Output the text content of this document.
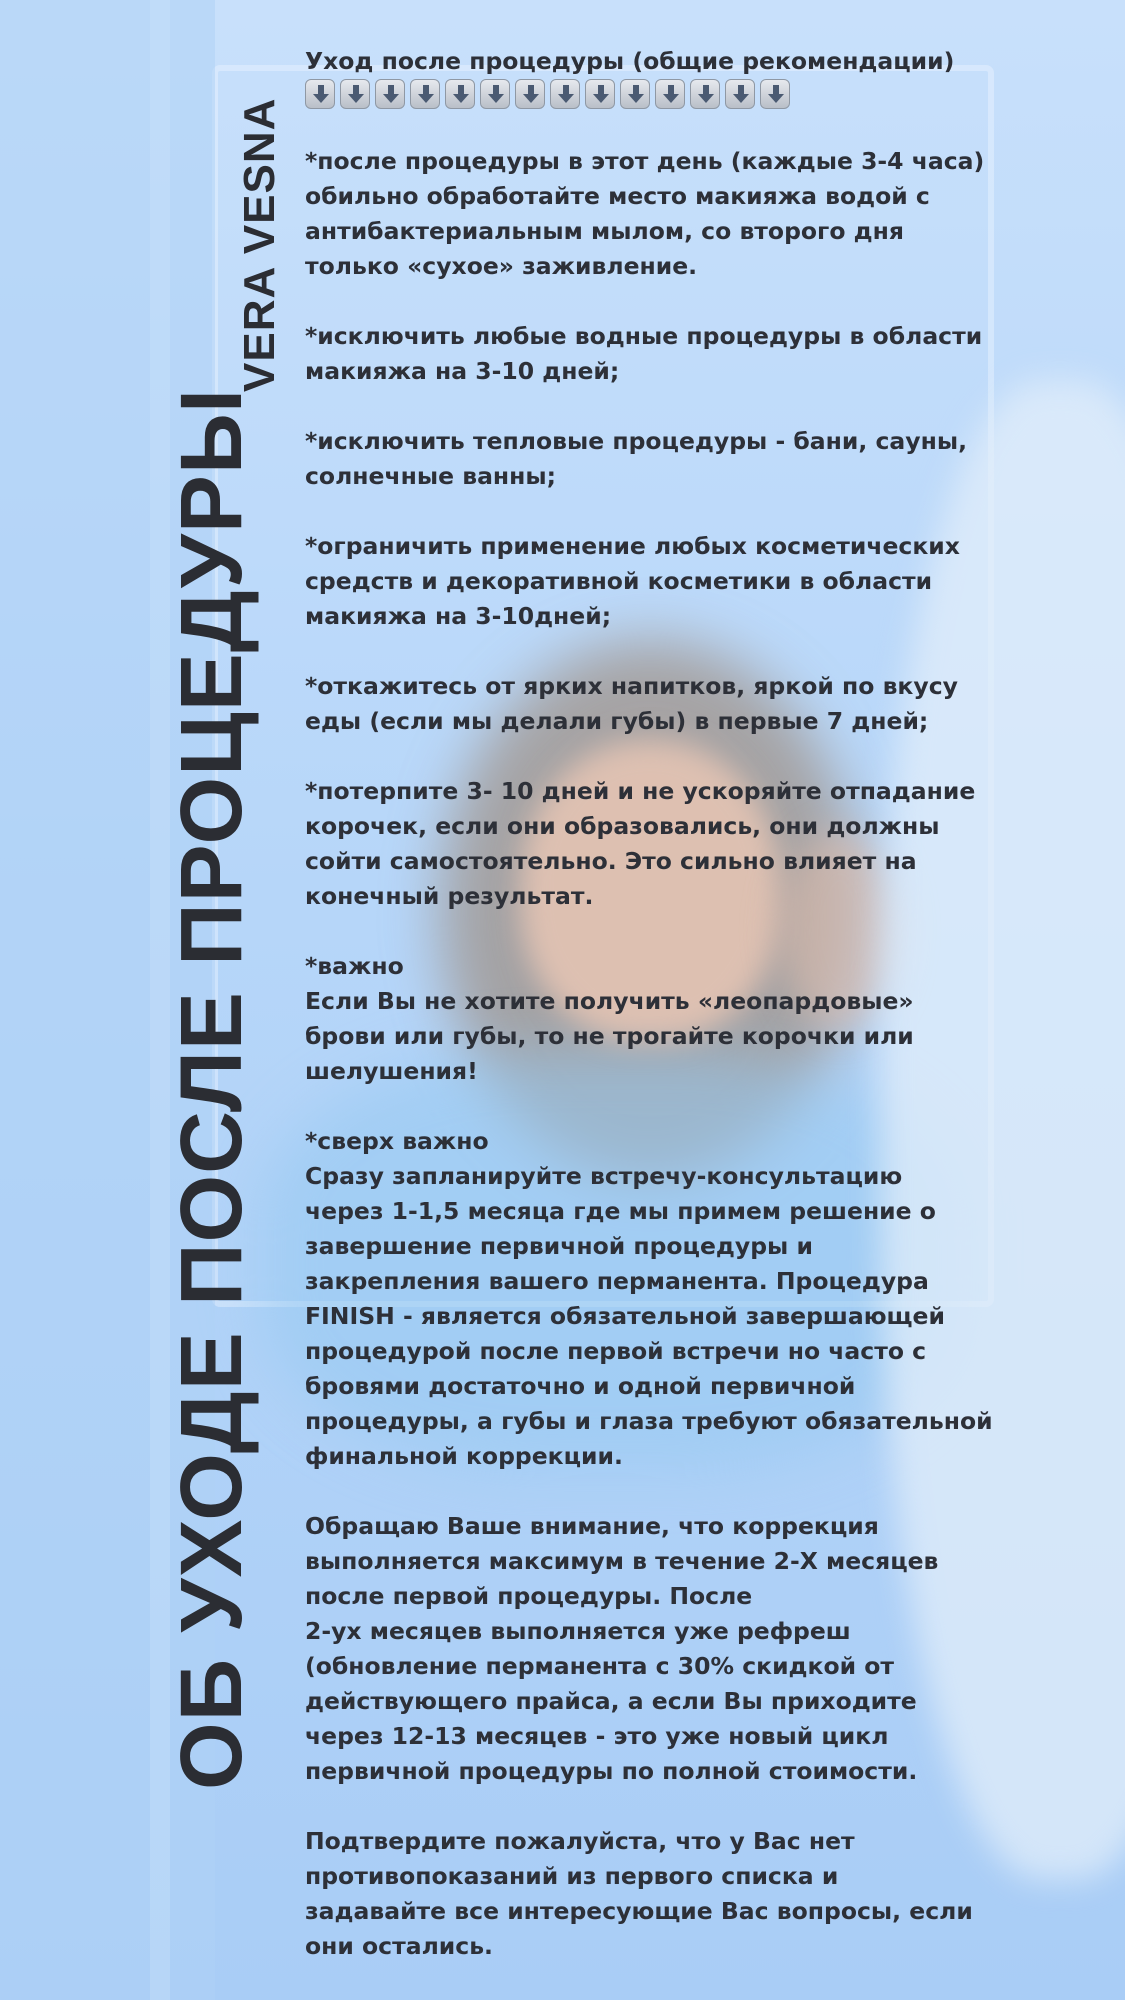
ОБ УХОДЕ ПОСЛЕ ПРОЦЕДУРЫ
VERA VESNA
Уход после процедуры (общие рекомендации)
*после процедуры в этот день (каждые 3-4 часа)
обильно обработайте место макияжа водой с
антибактериальным мылом, со второго дня
только «сухое» заживление.
*исключить любые водные процедуры в области
макияжа на 3-10 дней;
*исключить тепловые процедуры - бани, сауны,
солнечные ванны;
*ограничить применение любых косметических
средств и декоративной косметики в области
макияжа на 3-10дней;
*откажитесь от ярких напитков, яркой по вкусу
еды (если мы делали губы) в первые 7 дней;
*потерпите 3- 10 дней и не ускоряйте отпадание
корочек, если они образовались, они должны
сойти самостоятельно. Это сильно влияет на
конечный результат.
*важно
Если Вы не хотите получить «леопардовые»
брови или губы, то не трогайте корочки или
шелушения!
*сверх важно
Сразу запланируйте встречу-консультацию
через 1-1,5 месяца где мы примем решение о
завершение первичной процедуры и
закрепления вашего перманента. Процедура
FINISH - является обязательной завершающей
процедурой после первой встречи но часто с
бровями достаточно и одной первичной
процедуры, а губы и глаза требуют обязательной
финальной коррекции.
Обращаю Ваше внимание, что коррекция
выполняется максимум в течение 2-Х месяцев
после первой процедуры. После
2-ух месяцев выполняется уже рефреш
(обновление перманента с 30% скидкой от
действующего прайса, а если Вы приходите
через 12-13 месяцев - это уже новый цикл
первичной процедуры по полной стоимости.
Подтвердите пожалуйста, что у Вас нет
противопоказаний из первого списка и
задавайте все интересующие Вас вопросы, если
они остались.
